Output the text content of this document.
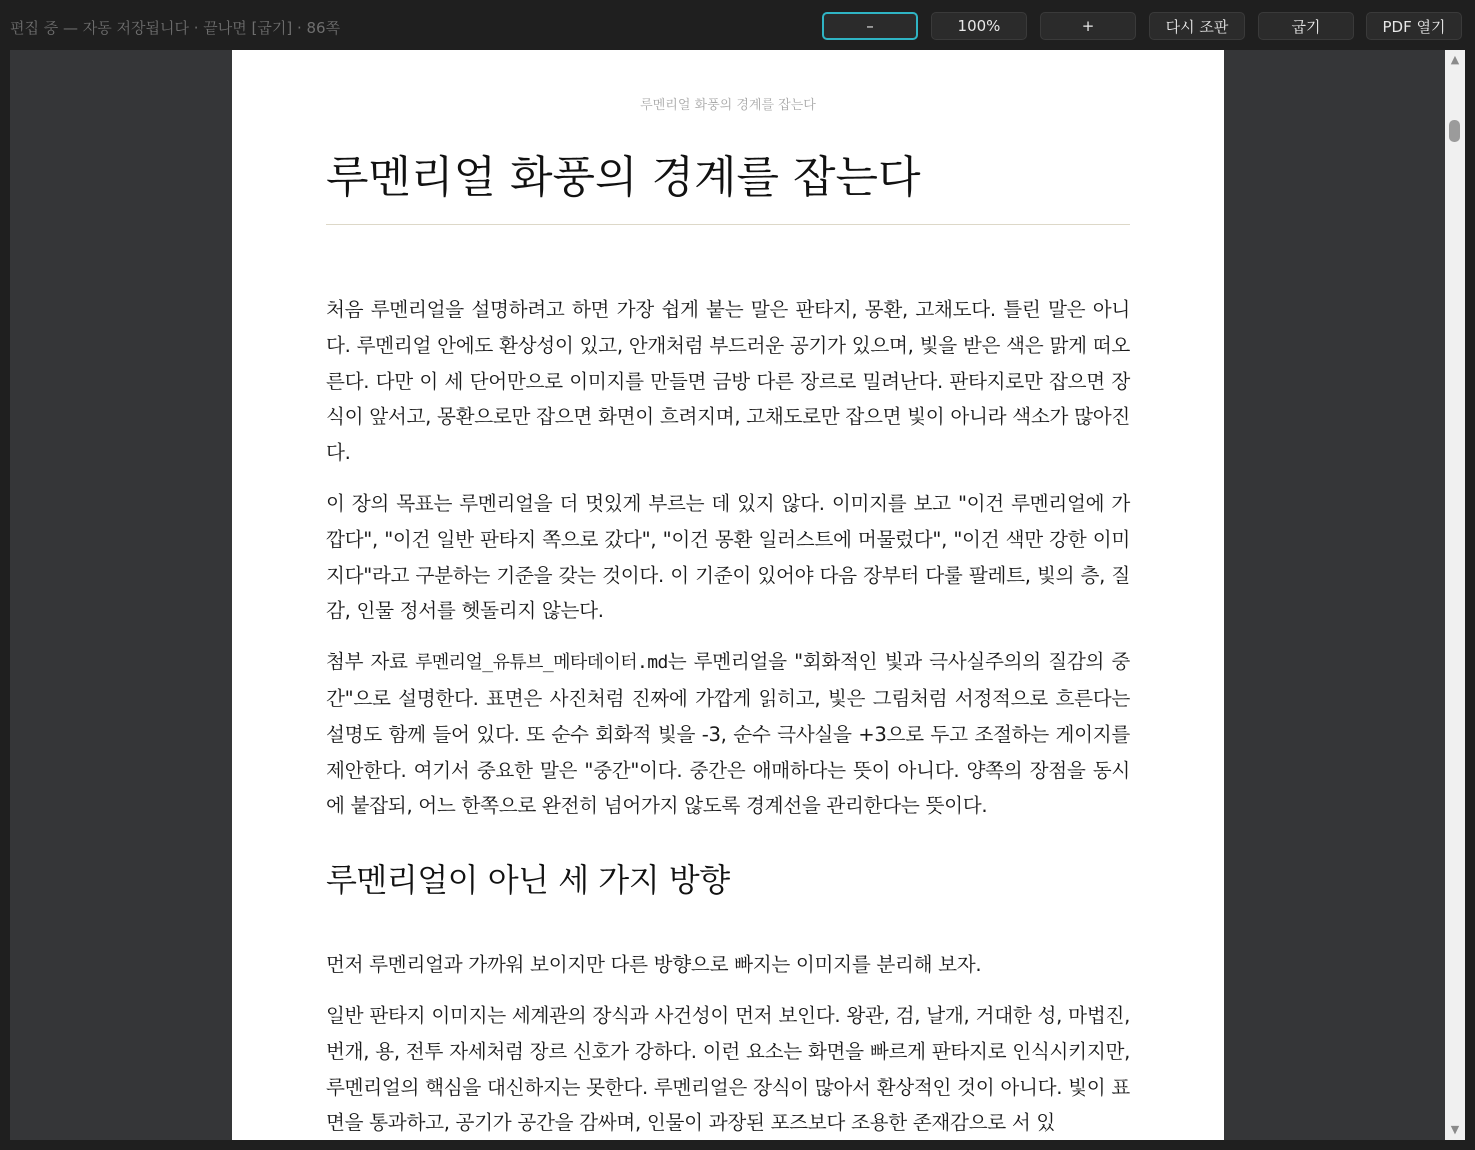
편집 중 — 자동 저장됩니다 · 끝나면 [굽기] · 86쪽	–	100%	+	다시 조판	굽기	PDF 열기
루멘리얼 화풍의 경계를 잡는다
루멘리얼 화풍의 경계를 잡는다

처음 루멘리얼을 설명하려고 하면 가장 쉽게 붙는 말은 판타지, 몽환, 고채도다. 틀린 말은 아니다. 루멘리얼 안에도 환상성이 있고, 안개처럼 부드러운 공기가 있으며, 빛을 받은 색은 맑게 떠오른다. 다만 이 세 단어만으로 이미지를 만들면 금방 다른 장르로 밀려난다. 판타지로만 잡으면 장식이 앞서고, 몽환으로만 잡으면 화면이 흐려지며, 고채도로만 잡으면 빛이 아니라 색소가 많아진다.

이 장의 목표는 루멘리얼을 더 멋있게 부르는 데 있지 않다. 이미지를 보고 "이건 루멘리얼에 가깝다", "이건 일반 판타지 쪽으로 갔다", "이건 몽환 일러스트에 머물렀다", "이건 색만 강한 이미지다"라고 구분하는 기준을 갖는 것이다. 이 기준이 있어야 다음 장부터 다룰 팔레트, 빛의 층, 질감, 인물 정서를 헷돌리지 않는다.

첨부 자료 루멘리얼_유튜브_메타데이터.md는 루멘리얼을 "회화적인 빛과 극사실주의의 질감의 중간"으로 설명한다. 표면은 사진처럼 진짜에 가깝게 읽히고, 빛은 그림처럼 서정적으로 흐른다는 설명도 함께 들어 있다. 또 순수 회화적 빛을 -3, 순수 극사실을 +3으로 두고 조절하는 게이지를 제안한다. 여기서 중요한 말은 "중간"이다. 중간은 애매하다는 뜻이 아니다. 양쪽의 장점을 동시에 붙잡되, 어느 한쪽으로 완전히 넘어가지 않도록 경계선을 관리한다는 뜻이다.

루멘리얼이 아닌 세 가지 방향

먼저 루멘리얼과 가까워 보이지만 다른 방향으로 빠지는 이미지를 분리해 보자.

일반 판타지 이미지는 세계관의 장식과 사건성이 먼저 보인다. 왕관, 검, 날개, 거대한 성, 마법진, 번개, 용, 전투 자세처럼 장르 신호가 강하다. 이런 요소는 화면을 빠르게 판타지로 인식시키지만, 루멘리얼의 핵심을 대신하지는 못한다. 루멘리얼은 장식이 많아서 환상적인 것이 아니다. 빛이 표면을 통과하고, 공기가 공간을 감싸며, 인물이 과장된 포즈보다 조용한 존재감으로 서 있

▲
▼
